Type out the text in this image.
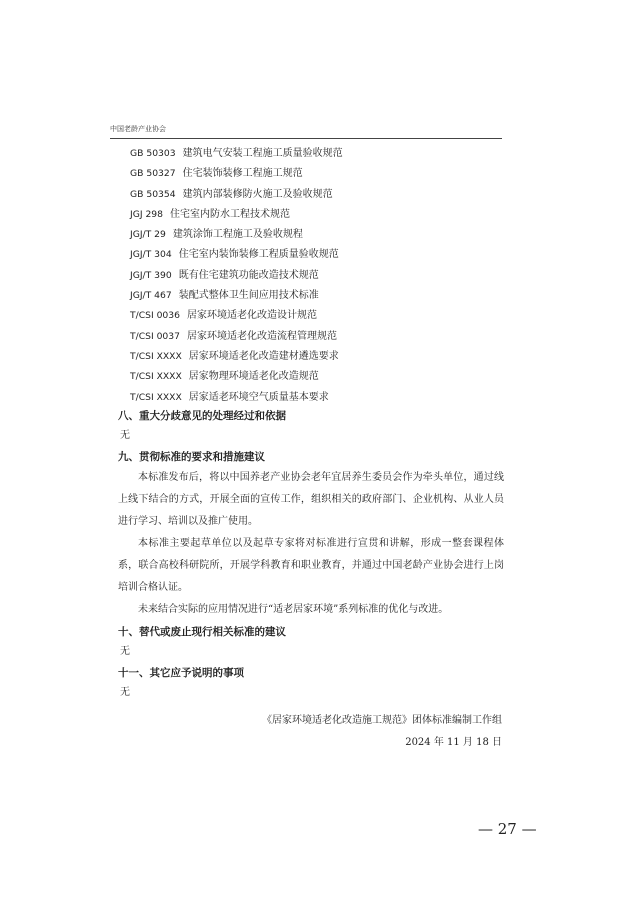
中国老龄产业协会
GB 50303 建筑电气安装工程施工质量验收规范
GB 50327 住宅装饰装修工程施工规范
GB 50354 建筑内部装修防火施工及验收规范
JGJ 298 住宅室内防水工程技术规范
JGJ/T 29 建筑涂饰工程施工及验收规程
JGJ/T 304 住宅室内装饰装修工程质量验收规范
JGJ/T 390 既有住宅建筑功能改造技术规范
JGJ/T 467 装配式整体卫生间应用技术标准
T/CSI 0036 居家环境适老化改造设计规范
T/CSI 0037 居家环境适老化改造流程管理规范
T/CSI XXXX 居家环境适老化改造建材遴选要求
T/CSI XXXX 居家物理环境适老化改造规范
T/CSI XXXX 居家适老环境空气质量基本要求
八、重大分歧意见的处理经过和依据
无
九、贯彻标准的要求和措施建议

本标准发布后，将以中国养老产业协会老年宜居养生委员会作为牵头单位，通过线上线下结合的方式，开展全面的宣传工作，组织相关的政府部门、企业机构、从业人员进行学习、培训以及推广使用。

本标准主要起草单位以及起草专家将对标准进行宣贯和讲解，形成一整套课程体系，联合高校科研院所，开展学科教育和职业教育，并通过中国老龄产业协会进行上岗培训合格认证。

未来结合实际的应用情况进行“适老居家环境”系列标准的优化与改进。

十、替代或废止现行相关标准的建议
无
十一、其它应予说明的事项
无
《居家环境适老化改造施工规范》团体标准编制工作组
2024 年 11 月 18 日
— 27 —
